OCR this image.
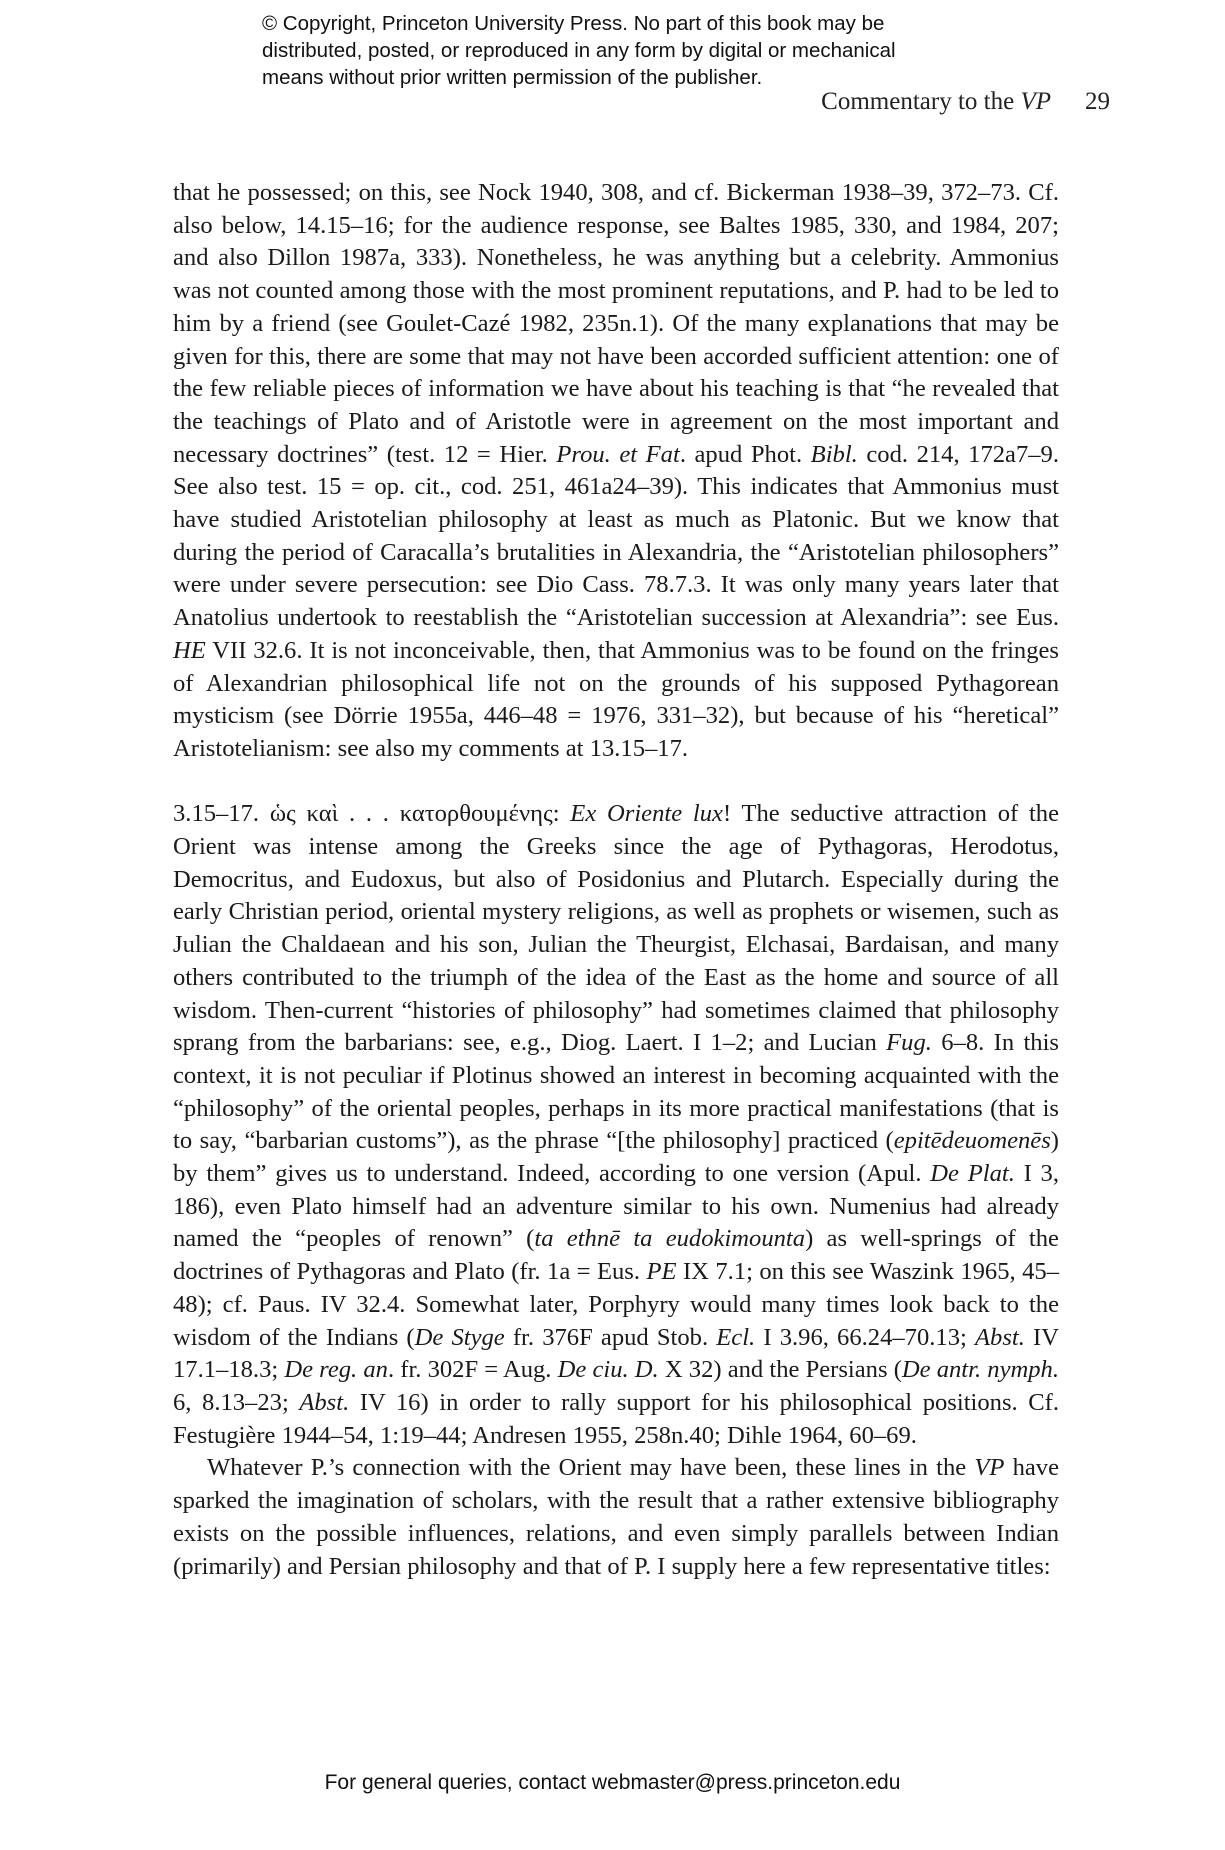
© Copyright, Princeton University Press. No part of this book may be
distributed, posted, or reproduced in any form by digital or mechanical
means without prior written permission of the publisher.
Commentary to the VP 29

that he possessed; on this, see Nock 1940, 308, and cf. Bickerman 1938–39, 372–73. Cf. also below, 14.15–16; for the audience response, see Baltes 1985, 330, and 1984, 207; and also Dillon 1987a, 333). Nonetheless, he was anything but a celebrity. Ammonius was not counted among those with the most prominent reputations, and P. had to be led to him by a friend (see Goulet-Cazé 1982, 235n.1). Of the many explanations that may be given for this, there are some that may not have been accorded sufficient attention: one of the few reliable pieces of information we have about his teaching is that “he revealed that the teachings of Plato and of Aristotle were in agreement on the most important and necessary doctrines” (test. 12 = Hier. Prou. et Fat. apud Phot. Bibl. cod. 214, 172a7–9. See also test. 15 = op. cit., cod. 251, 461a24–39). This indicates that Ammonius must have studied Aristotelian philosophy at least as much as Platonic. But we know that during the period of Caracalla’s brutalities in Alexandria, the “Aristotelian philosophers” were under severe persecution: see Dio Cass. 78.7.3. It was only many years later that Anatolius undertook to reestablish the “Aristotelian succession at Alexandria”: see Eus. HE VII 32.6. It is not inconceivable, then, that Ammonius was to be found on the fringes of Alexandrian philosophical life not on the grounds of his supposed Pythagorean mysticism (see Dörrie 1955a, 446–48 = 1976, 331–32), but because of his “heretical” Aristotelianism: see also my comments at 13.15–17.

3.15–17. ὡς καὶ . . . κατορθουμένης: Ex Oriente lux! The seductive attraction of the Orient was intense among the Greeks since the age of Pythagoras, Herodotus, Democritus, and Eudoxus, but also of Posidonius and Plutarch. Especially during the early Christian period, oriental mystery religions, as well as prophets or wisemen, such as Julian the Chaldaean and his son, Julian the Theurgist, Elchasai, Bardaisan, and many others contributed to the triumph of the idea of the East as the home and source of all wisdom. Then-current “histories of philosophy” had sometimes claimed that philosophy sprang from the barbarians: see, e.g., Diog. Laert. I 1–2; and Lucian Fug. 6–8. In this context, it is not peculiar if Plotinus showed an interest in becoming acquainted with the “philosophy” of the oriental peoples, perhaps in its more practical manifestations (that is to say, “barbarian customs”), as the phrase “[the philosophy] practiced (epitēdeuomenēs) by them” gives us to understand. Indeed, according to one version (Apul. De Plat. I 3, 186), even Plato himself had an adventure similar to his own. Numenius had already named the “peoples of renown” (ta ethnē ta eudokimounta) as well-springs of the doctrines of Pythagoras and Plato (fr. 1a = Eus. PE IX 7.1; on this see Waszink 1965, 45–48); cf. Paus. IV 32.4. Somewhat later, Porphyry would many times look back to the wisdom of the Indians (De Styge fr. 376F apud Stob. Ecl. I 3.96, 66.24–70.13; Abst. IV 17.1–18.3; De reg. an. fr. 302F = Aug. De ciu. D. X 32) and the Persians (De antr. nymph. 6, 8.13–23; Abst. IV 16) in order to rally support for his philosophical positions. Cf. Festugière 1944–54, 1:19–44; Andresen 1955, 258n.40; Dihle 1964, 60–69.

Whatever P.’s connection with the Orient may have been, these lines in the VP have sparked the imagination of scholars, with the result that a rather extensive bibliography exists on the possible influences, relations, and even simply parallels between Indian (primarily) and Persian philosophy and that of P. I supply here a few representative titles:

For general queries, contact webmaster@press.princeton.edu
